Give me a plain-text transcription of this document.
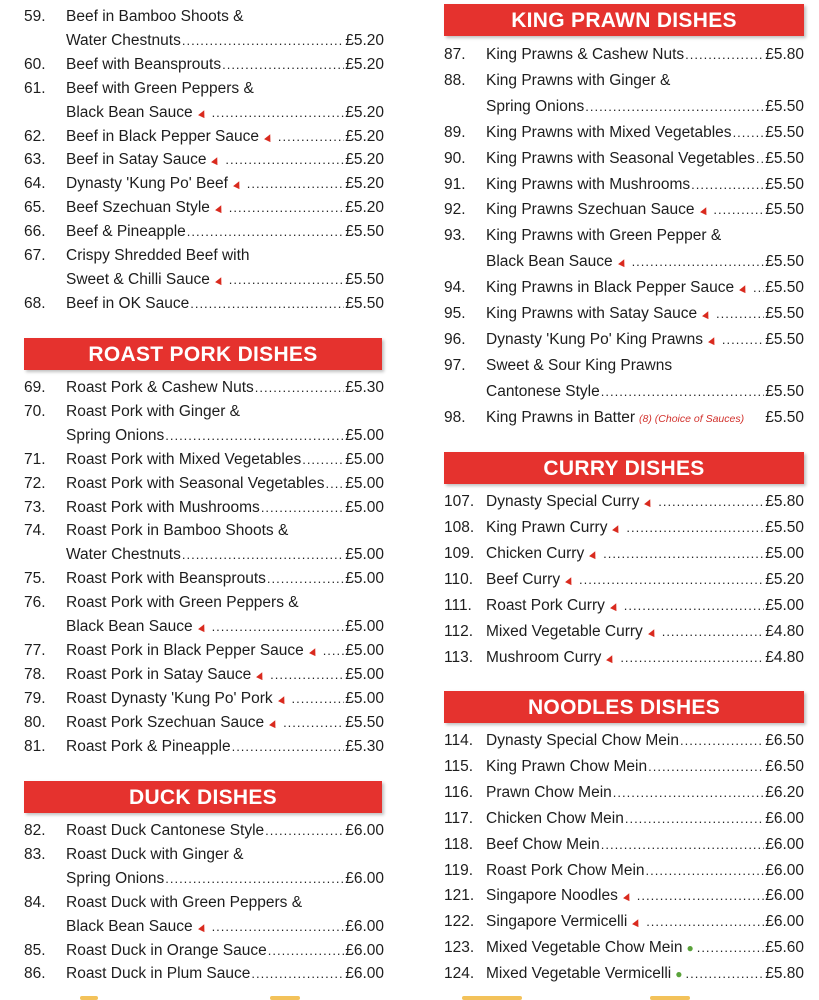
59.	Beef in Bamboo Shoots &
Water Chestnuts .....	£5.20
60.	Beef with Beansprouts .....	£5.20
61.	Beef with Green Peppers &
Black Bean Sauce ▲ .....	£5.20
62.	Beef in Black Pepper Sauce ▲ .....	£5.20
63.	Beef in Satay Sauce ▲ .....	£5.20
64.	Dynasty 'Kung Po' Beef ▲ .....	£5.20
65.	Beef Szechuan Style ▲ .....	£5.20
66.	Beef & Pineapple .....	£5.50
67.	Crispy Shredded Beef with
Sweet & Chilli Sauce ▲ .....	£5.50
68.	Beef in OK Sauce .....	£5.50
ROAST PORK DISHES
69.	Roast Pork & Cashew Nuts .....	£5.30
70.	Roast Pork with Ginger &
Spring Onions .....	£5.00
71.	Roast Pork with Mixed Vegetables .....	£5.00
72.	Roast Pork with Seasonal Vegetables ..... £5.00
73.	Roast Pork with Mushrooms .....	£5.00
74.	Roast Pork in Bamboo Shoots &
Water Chestnuts .....	£5.00
75.	Roast Pork with Beansprouts .....	£5.00
76.	Roast Pork with Green Peppers &
Black Bean Sauce ▲ .....	£5.00
77.	Roast Pork in Black Pepper Sauce ▲ ..... £5.00
78.	Roast Pork in Satay Sauce ▲ .....	£5.00
79.	Roast Dynasty 'Kung Po' Pork ▲ .....	£5.00
80.	Roast Pork Szechuan Sauce ▲ .....	£5.50
81.	Roast Pork & Pineapple .....	£5.30
DUCK DISHES
82.	Roast Duck Cantonese Style .....	£6.00
83.	Roast Duck with Ginger &
Spring Onions .....	£6.00
84.	Roast Duck with Green Peppers &
Black Bean Sauce ▲ .....	£6.00
85.	Roast Duck in Orange Sauce .....	£6.00
86.	Roast Duck in Plum Sauce .....	£6.00
KING PRAWN DISHES
87.	King Prawns & Cashew Nuts .....	£5.80
88.	King Prawns with Ginger &
Spring Onions .....	£5.50
89.	King Prawns with Mixed Vegetables ..... £5.50
90.	King Prawns with Seasonal Vegetables ..... £5.50
91.	King Prawns with Mushrooms .....	£5.50
92.	King Prawns Szechuan Sauce ▲ .....	£5.50
93.	King Prawns with Green Pepper &
Black Bean Sauce ▲ .....	£5.50
94.	King Prawns in Black Pepper Sauce ▲ ..... £5.50
95.	King Prawns with Satay Sauce ▲ .....	£5.50
96.	Dynasty 'Kung Po' King Prawns ▲ .....	£5.50
97.	Sweet & Sour King Prawns
Cantonese Style .....	£5.50
98.	King Prawns in Batter (8) (Choice of Sauces) £5.50
CURRY DISHES
107. Dynasty Special Curry ▲ .....	£5.80
108. King Prawn Curry ▲ .....	£5.50
109. Chicken Curry ▲ .....	£5.00
110. Beef Curry ▲ .....	£5.20
111. Roast Pork Curry ▲ .....	£5.00
112. Mixed Vegetable Curry ▲ .....	£4.80
113. Mushroom Curry ▲ .....	£4.80
NOODLES DISHES
114. Dynasty Special Chow Mein .....	£6.50
115. King Prawn Chow Mein .....	£6.50
116. Prawn Chow Mein .....	£6.20
117. Chicken Chow Mein .....	£6.00
118. Beef Chow Mein .....	£6.00
119. Roast Pork Chow Mein .....	£6.00
121. Singapore Noodles ▲ .....	£6.00
122. Singapore Vermicelli ▲ .....	£6.00
123. Mixed Vegetable Chow Mein ● .....	£5.60
124. Mixed Vegetable Vermicelli ● .....	£5.80
